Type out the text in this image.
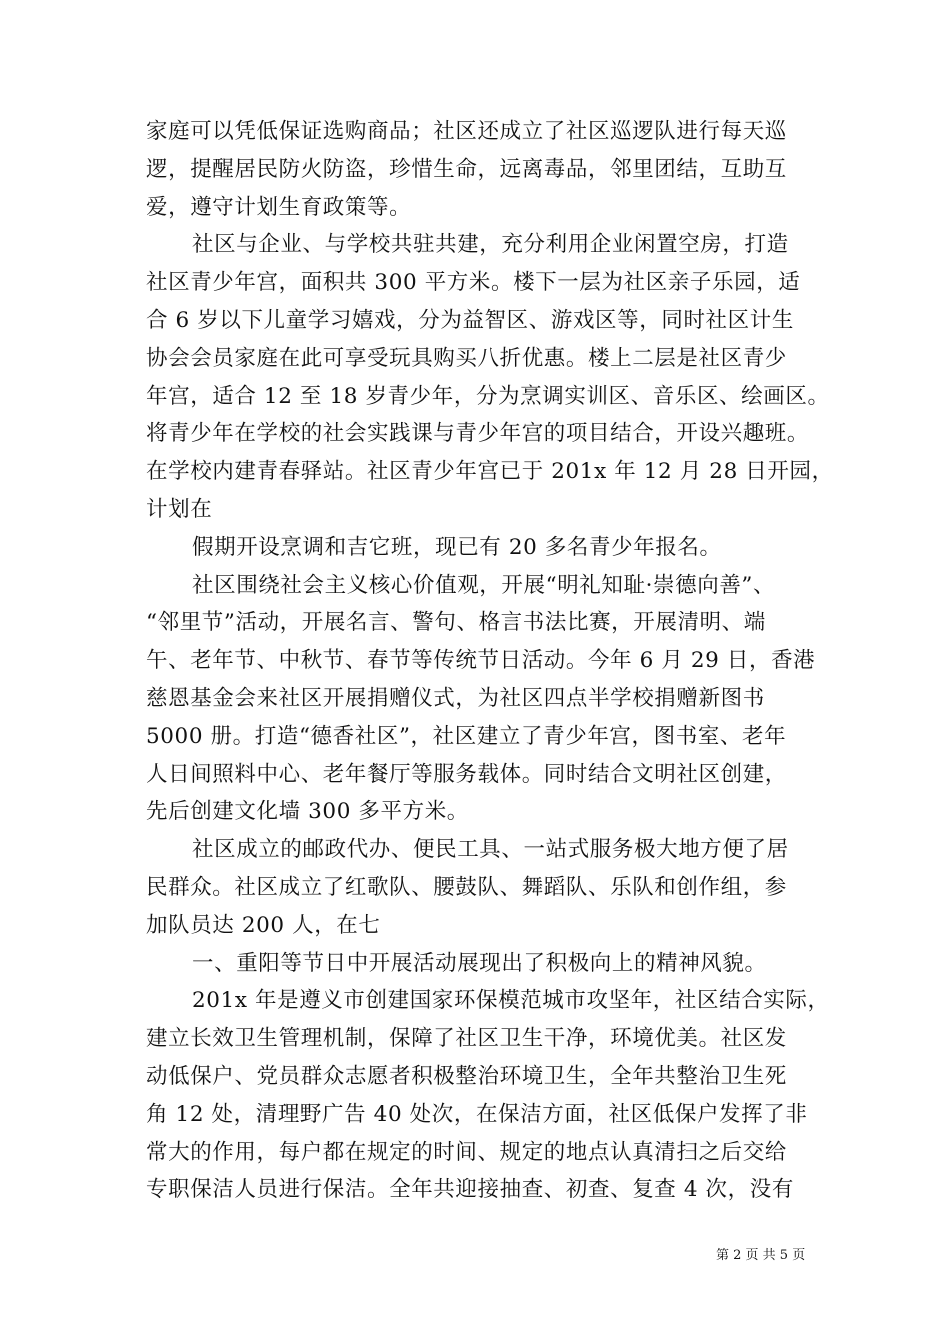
家庭可以凭低保证选购商品；社区还成立了社区巡逻队进行每天巡
逻，提醒居民防火防盗，珍惜生命，远离毒品，邻里团结，互助互
爱，遵守计划生育政策等。
社区与企业、与学校共驻共建，充分利用企业闲置空房，打造
社区青少年宫，面积共 300 平方米。楼下一层为社区亲子乐园，适
合 6 岁以下儿童学习嬉戏，分为益智区、游戏区等，同时社区计生
协会会员家庭在此可享受玩具购买八折优惠。楼上二层是社区青少
年宫，适合 12 至 18 岁青少年，分为烹调实训区、音乐区、绘画区。
将青少年在学校的社会实践课与青少年宫的项目结合，开设兴趣班。
在学校内建青春驿站。社区青少年宫已于 201x 年 12 月 28 日开园，
计划在
假期开设烹调和吉它班，现已有 20 多名青少年报名。
社区围绕社会主义核心价值观，开展“明礼知耻·崇德向善”、
“邻里节”活动，开展名言、警句、格言书法比赛，开展清明、端
午、老年节、中秋节、春节等传统节日活动。今年 6 月 29 日，香港
慈恩基金会来社区开展捐赠仪式，为社区四点半学校捐赠新图书
5000 册。打造“德香社区”，社区建立了青少年宫，图书室、老年
人日间照料中心、老年餐厅等服务载体。同时结合文明社区创建，
先后创建文化墙 300 多平方米。
社区成立的邮政代办、便民工具、一站式服务极大地方便了居
民群众。社区成立了红歌队、腰鼓队、舞蹈队、乐队和创作组，参
加队员达 200 人，在七
一、重阳等节日中开展活动展现出了积极向上的精神风貌。
201x 年是遵义市创建国家环保模范城市攻坚年，社区结合实际，
建立长效卫生管理机制，保障了社区卫生干净，环境优美。社区发
动低保户、党员群众志愿者积极整治环境卫生，全年共整治卫生死
角 12 处，清理野广告 40 处次，在保洁方面，社区低保户发挥了非
常大的作用，每户都在规定的时间、规定的地点认真清扫之后交给
专职保洁人员进行保洁。全年共迎接抽查、初查、复查 4 次，没有
第 2 页 共 5 页
